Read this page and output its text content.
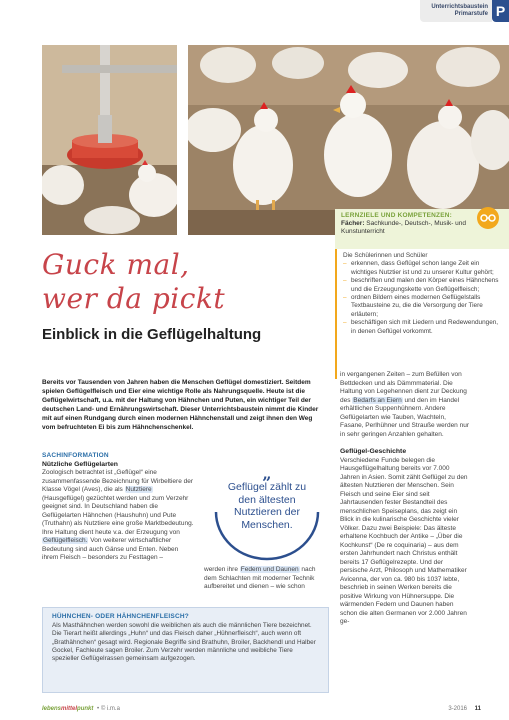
Unterrichtsbaustein
Primarstufe P
LERNZIELE UND KOMPETENZEN:
Fächer: Sachkunde-, Deutsch-, Musik- und Kunstunterricht
Die Schülerinnen und Schüler
– erkennen, dass Geflügel schon lange Zeit ein wichtiges Nutztier ist und zu unserer Kultur gehört;
– beschriften und malen den Körper eines Hähnchens und die Erzeugungskette von Geflügelfleisch;
– ordnen Bildern eines modernen Geflügelstalls Textbausteine zu, die die Versorgung der Tiere erläutern;
– beschäftigen sich mit Liedern und Redewendungen, in denen Geflügel vorkommt.
Guck mal,
wer da pickt
Einblick in die Geflügelhaltung
Bereits vor Tausenden von Jahren haben die Menschen Geflügel domestiziert. Seitdem spielen Geflügelfleisch und Eier eine wichtige Rolle als Nahrungsquelle. Heute ist die Geflügelwirtschaft, u.a. mit der Haltung von Hähnchen und Puten, ein wichtiger Teil der deutschen Land- und Ernährungswirtschaft. Dieser Unterrichtsbaustein nimmt die Kinder mit auf einen Rundgang durch einen modernen Hähnchenstall und zeigt ihnen den Weg vom befruchteten Ei bis zum Hähnchenschenkel.
SACHINFORMATION
Nützliche Geflügelarten

Zoologisch betrachtet ist „Geflügel“ eine zusammenfassende Bezeichnung für Wirbeltiere der Klasse Vögel (Aves), die als Nutztiere (Hausgeflügel) gezüchtet werden und zum Verzehr geeignet sind. In Deutschland haben die Geflügelarten Hähnchen (Haushuhn) und Pute (Truthahn) als Nutztiere eine große Marktbedeutung. Ihre Haltung dient heute v.a. der Erzeugung von Geflügelfleisch. Von weiterer wirtschaftlicher Bedeutung sind auch Gänse und Enten. Neben ihrem Fleisch – besonders zu Festtagen –

„
Geflügel zählt zu den ältesten Nutztieren der Menschen.

werden ihre Federn und Daunen nach dem Schlachten mit moderner Technik aufbereitet und dienen – wie schon

in vergangenen Zeiten – zum Befüllen von Bettdecken und als Dämmmaterial. Die Haltung von Legehennen dient zur Deckung des Bedarfs an Eiern und den im Handel erhältlichen Suppenhühnern. Andere Geflügelarten wie Tauben, Wachteln, Fasane, Perlhühner und Strauße werden nur in sehr geringen Anzahlen gehalten.

Geflügel-Geschichte

Verschiedene Funde belegen die Hausgeflügelhaltung bereits vor 7.000 Jahren in Asien. Somit zählt Geflügel zu den ältesten Nutztieren der Menschen. Sein Fleisch und seine Eier sind seit Jahrtausenden fester Bestandteil des menschlichen Speiseplans, das zeigt ein Blick in die kulinarische Geschichte vieler Völker. Dazu zwei Beispiele: Das älteste erhaltene Kochbuch der Antike – „Über die Kochkunst“ (De re coquinaria) – aus dem ersten Jahrhundert nach Christus enthält bereits 17 Geflügelrezepte. Und der persische Arzt, Philosoph und Mathematiker Avicenna, der von ca. 980 bis 1037 lebte, beschrieb in seinen Werken bereits die positive Wirkung von Hühnersuppe. Die wärmenden Federn und Daunen haben schon die alten Germanen vor 2.000 Jahren ge-

HÜHNCHEN- ODER HÄHNCHENFLEISCH?
Als Masthähnchen werden sowohl die weiblichen als auch die männlichen Tiere bezeichnet. Die Tierart heißt allerdings „Huhn“ und das Fleisch daher „Hühnerfleisch“, auch wenn oft „Brathähnchen“ gesagt wird. Regionale Begriffe sind Brathuhn, Broiler, Backhendl und Halber Gockel, Fachleute sagen Broiler. Zum Verzehr werden männliche und weibliche Tiere spezieller Geflügelrassen gemeinsam aufgezogen.
lebensmittelpunkt • © i.m.a	3-2016 11
